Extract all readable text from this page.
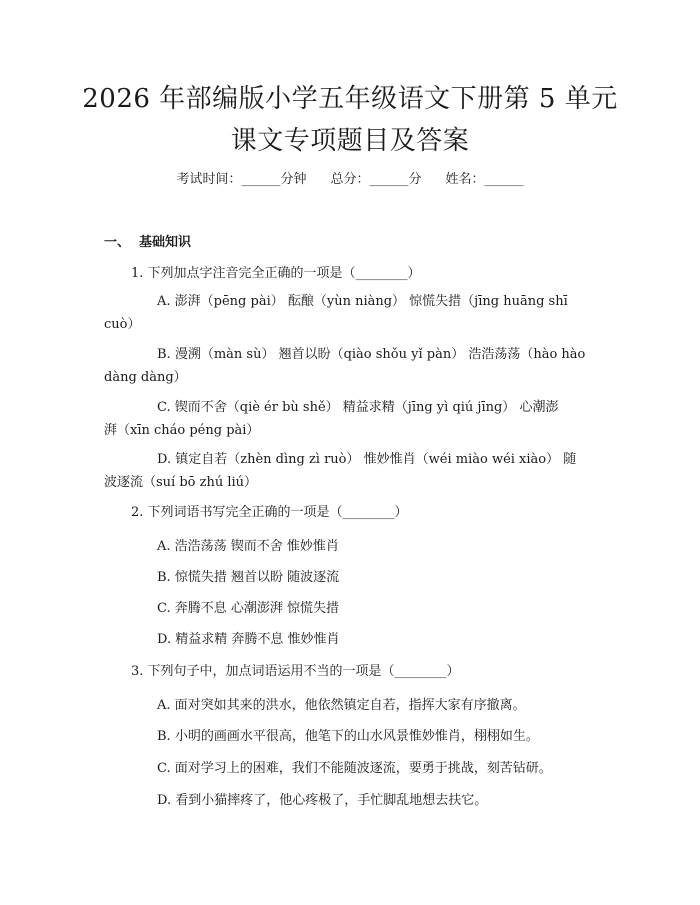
2026 年部编版小学五年级语文下册第 5 单元
课文专项题目及答案
考试时间：______分钟 总分：______分 姓名：______
一、  基础知识
1. 下列加点字注音完全正确的一项是（________）
A. 澎湃（pēng pài） 酝酿（yùn niàng） 惊慌失措（jīng huāng shī
cuò）
B. 漫溯（màn sù） 翘首以盼（qiào shǒu yǐ pàn） 浩浩荡荡（hào hào
dàng dàng）
C. 锲而不舍（qiè ér bù shě） 精益求精（jīng yì qiú jīng） 心潮澎
湃（xīn cháo péng pài）
D. 镇定自若（zhèn dìng zì ruò） 惟妙惟肖（wéi miào wéi xiào） 随
波逐流（suí bō zhú liú）
2. 下列词语书写完全正确的一项是（________）
A. 浩浩荡荡 锲而不舍 惟妙惟肖
B. 惊慌失措 翘首以盼 随波逐流
C. 奔腾不息 心潮澎湃 惊慌失措
D. 精益求精 奔腾不息 惟妙惟肖
3. 下列句子中，加点词语运用不当的一项是（________）
A. 面对突如其来的洪水，他依然镇定自若，指挥大家有序撤离。
B. 小明的画画水平很高，他笔下的山水风景惟妙惟肖，栩栩如生。
C. 面对学习上的困难，我们不能随波逐流，要勇于挑战，刻苦钻研。
D. 看到小猫摔疼了，他心疼极了，手忙脚乱地想去扶它。
